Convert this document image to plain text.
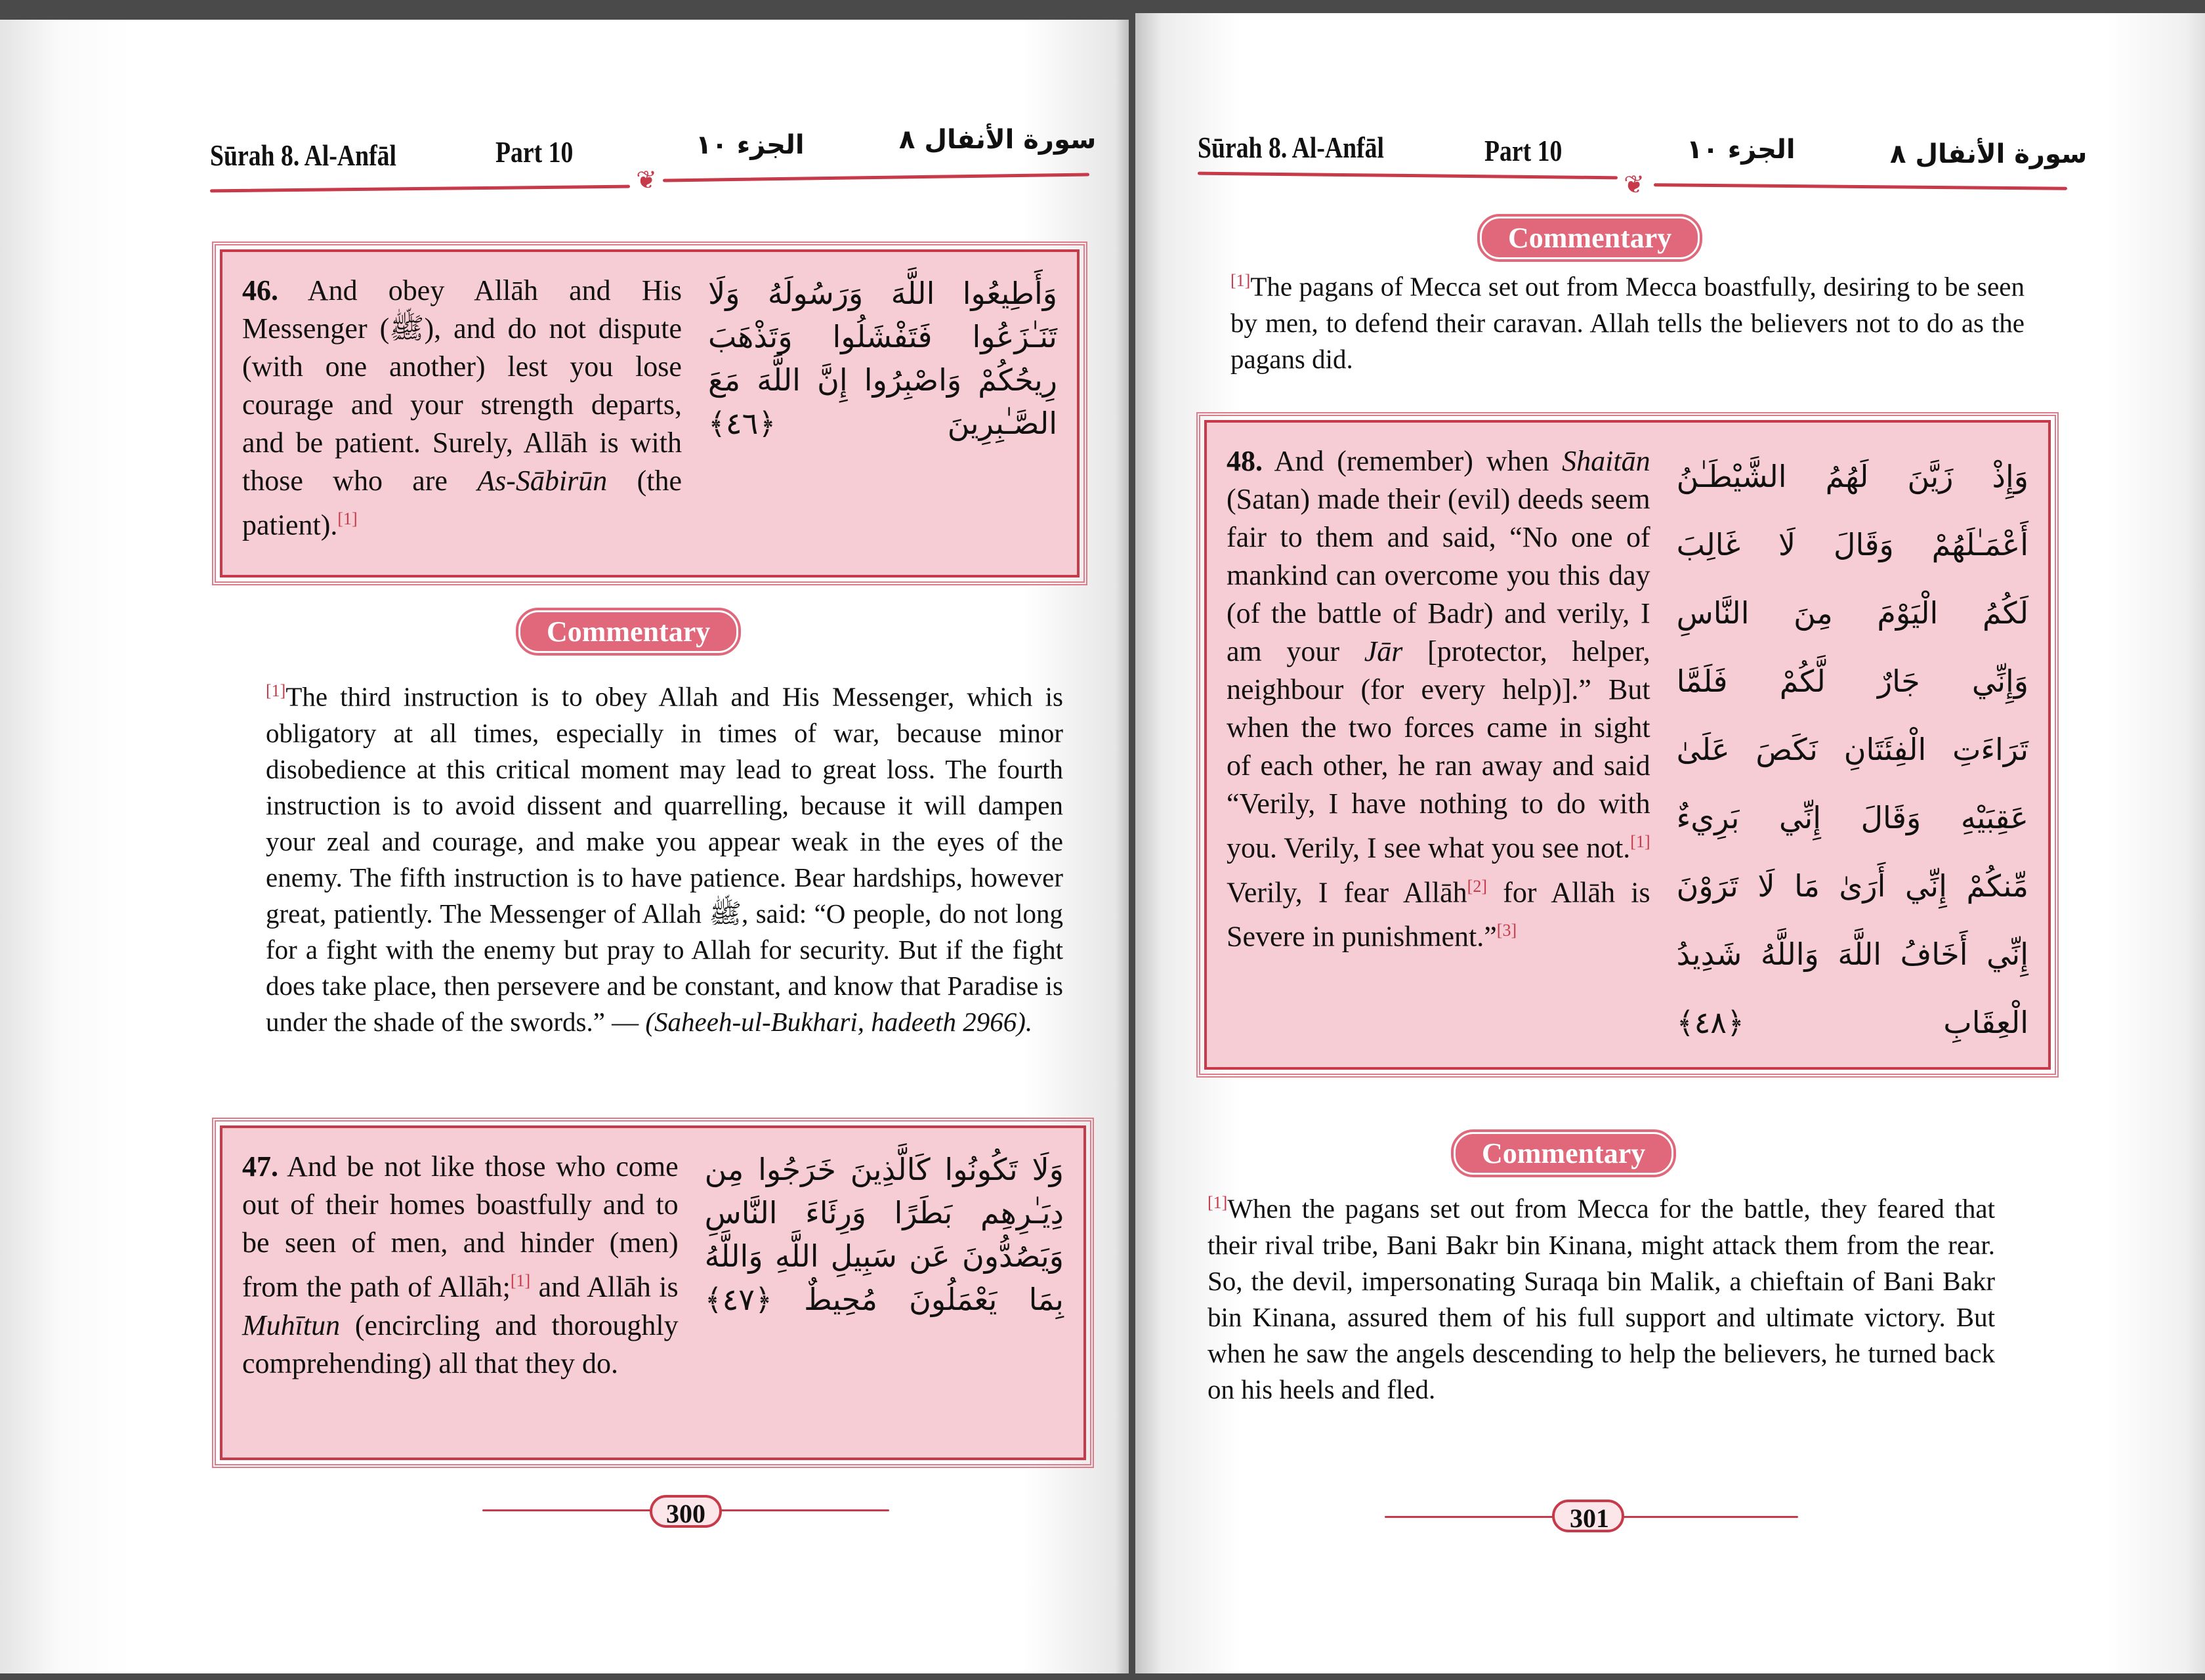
Sūrah 8. Al-Anfāl	Part 10	الجزء ١٠	سورة الأنفال ٨
❦
46. And obey Allāh and His Messenger (ﷺ), and do not dispute (with one another) lest you lose courage and your strength departs, and be patient. Surely, Allāh is with those who are As-Sābirūn (the patient).[1]
وَأَطِيعُوا اللَّهَ وَرَسُولَهُ وَلَا
تَنَـٰزَعُوا فَتَفْشَلُوا وَتَذْهَبَ
رِيحُكُمْ وَاصْبِرُوا إِنَّ اللَّهَ مَعَ
الصَّـٰبِرِينَ ﴿٤٦﴾
Commentary
[1]The third instruction is to obey Allah and His Messenger, which is obligatory at all times, especially in times of war, because minor disobedience at this critical moment may lead to great loss. The fourth instruction is to avoid dissent and quarrelling, because it will dampen your zeal and courage, and make you appear weak in the eyes of the enemy. The fifth instruction is to have patience. Bear hardships, however great, patiently. The Messenger of Allah ﷺ, said: “O people, do not long for a fight with the enemy but pray to Allah for security. But if the fight does take place, then persevere and be constant, and know that Paradise is under the shade of the swords.” — (Saheeh-ul-Bukhari, hadeeth 2966).
47. And be not like those who come out of their homes boastfully and to be seen of men, and hinder (men) from the path of Allāh;[1] and Allāh is Muhītun (encircling and thoroughly comprehending) all that they do.
وَلَا تَكُونُوا كَالَّذِينَ خَرَجُوا مِن
دِيَـٰرِهِم بَطَرًا وَرِئَاءَ النَّاسِ
وَيَصُدُّونَ عَن سَبِيلِ اللَّهِ وَاللَّهُ
بِمَا يَعْمَلُونَ مُحِيطٌ ﴿٤٧﴾
300
Sūrah 8. Al-Anfāl	Part 10	الجزء ١٠	سورة الأنفال ٨
❦
Commentary
[1]The pagans of Mecca set out from Mecca boastfully, desiring to be seen by men, to defend their caravan. Allah tells the believers not to do as the pagans did.
48. And (remember) when Shaitān (Satan) made their (evil) deeds seem fair to them and said, “No one of mankind can overcome you this day (of the battle of Badr) and verily, I am your Jār [protector, helper, neighbour (for every help)].” But when the two forces came in sight of each other, he ran away and said “Verily, I have nothing to do with you. Verily, I see what you see not.[1] Verily, I fear Allāh[2] for Allāh is Severe in punishment.”[3]
وَإِذْ زَيَّنَ لَهُمُ الشَّيْطَـٰنُ
أَعْمَـٰلَهُمْ وَقَالَ لَا غَالِبَ
لَكُمُ الْيَوْمَ مِنَ النَّاسِ
وَإِنِّي جَارٌ لَّكُمْ فَلَمَّا
تَرَاءَتِ الْفِئَتَانِ نَكَصَ عَلَىٰ
عَقِبَيْهِ وَقَالَ إِنِّي بَرِيءٌ
مِّنكُمْ إِنِّي أَرَىٰ مَا لَا تَرَوْنَ
إِنِّي أَخَافُ اللَّهَ وَاللَّهُ شَدِيدُ
الْعِقَابِ ﴿٤٨﴾
Commentary
[1]When the pagans set out from Mecca for the battle, they feared that their rival tribe, Bani Bakr bin Kinana, might attack them from the rear. So, the devil, impersonating Suraqa bin Malik, a chieftain of Bani Bakr bin Kinana, assured them of his full support and ultimate victory. But when he saw the angels descending to help the believers, he turned back on his heels and fled.
301
